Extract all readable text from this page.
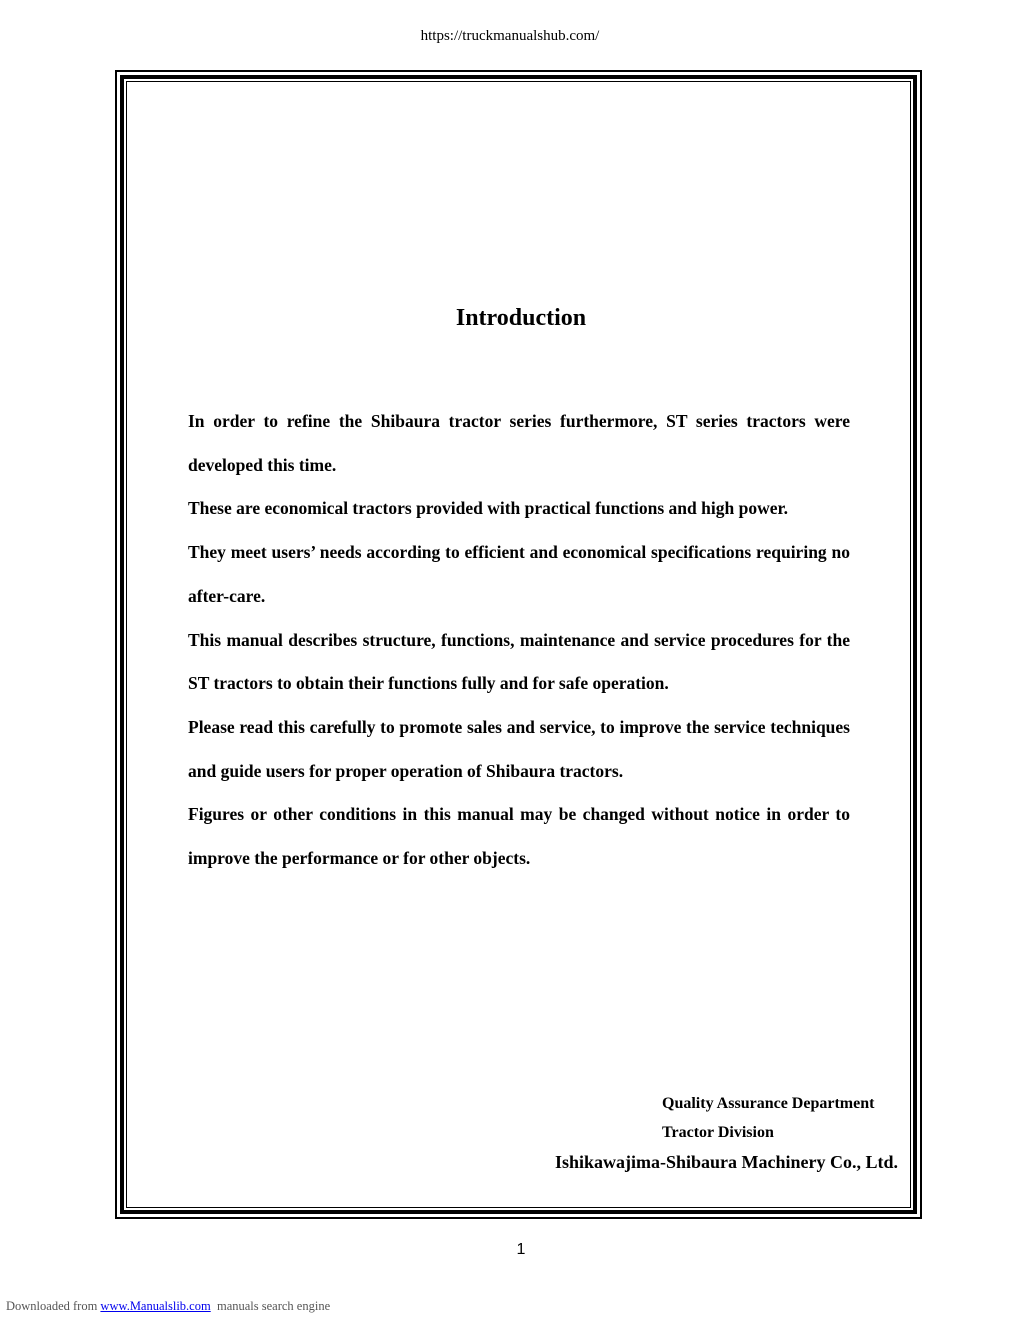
https://truckmanualshub.com/
Introduction

In order to refine the Shibaura tractor series furthermore, ST series tractors were developed this time.

These are economical tractors provided with practical functions and high power.

They meet users’ needs according to efficient and economical specifications requiring no after-care.

This manual describes structure, functions, maintenance and service procedures for the ST tractors to obtain their functions fully and for safe operation.

Please read this carefully to promote sales and service, to improve the service techniques and guide users for proper operation of Shibaura tractors.

Figures or other conditions in this manual may be changed without notice in order to improve the performance or for other objects.

Quality Assurance Department
Tractor Division
Ishikawajima-Shibaura Machinery Co., Ltd.
1
Downloaded from www.Manualslib.com manuals search engine
